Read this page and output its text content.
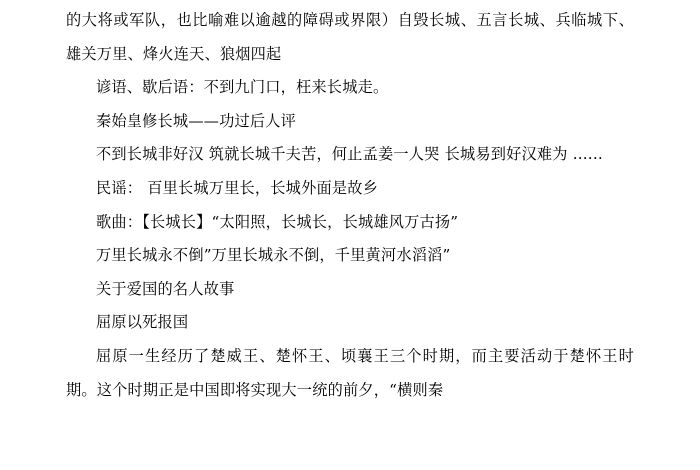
的大将或军队，也比喻难以逾越的障碍或界限）自毁长城、五言长城、兵临城下、雄关万里、烽火连天、狼烟四起

谚语、歇后语：不到九门口，枉来长城走。

秦始皇修长城——功过后人评

不到长城非好汉 筑就长城千夫苦，何止孟姜一人哭 长城易到好汉难为 ......

民谣： 百里长城万里长，长城外面是故乡

歌曲：【长城长】“太阳照，长城长，长城雄风万古扬”

万里长城永不倒”万里长城永不倒，千里黄河水滔滔”

关于爱国的名人故事

屈原以死报国

屈原一生经历了楚威王、楚怀王、顷襄王三个时期，而主要活动于楚怀王时期。这个时期正是中国即将实现大一统的前夕，“横则秦
